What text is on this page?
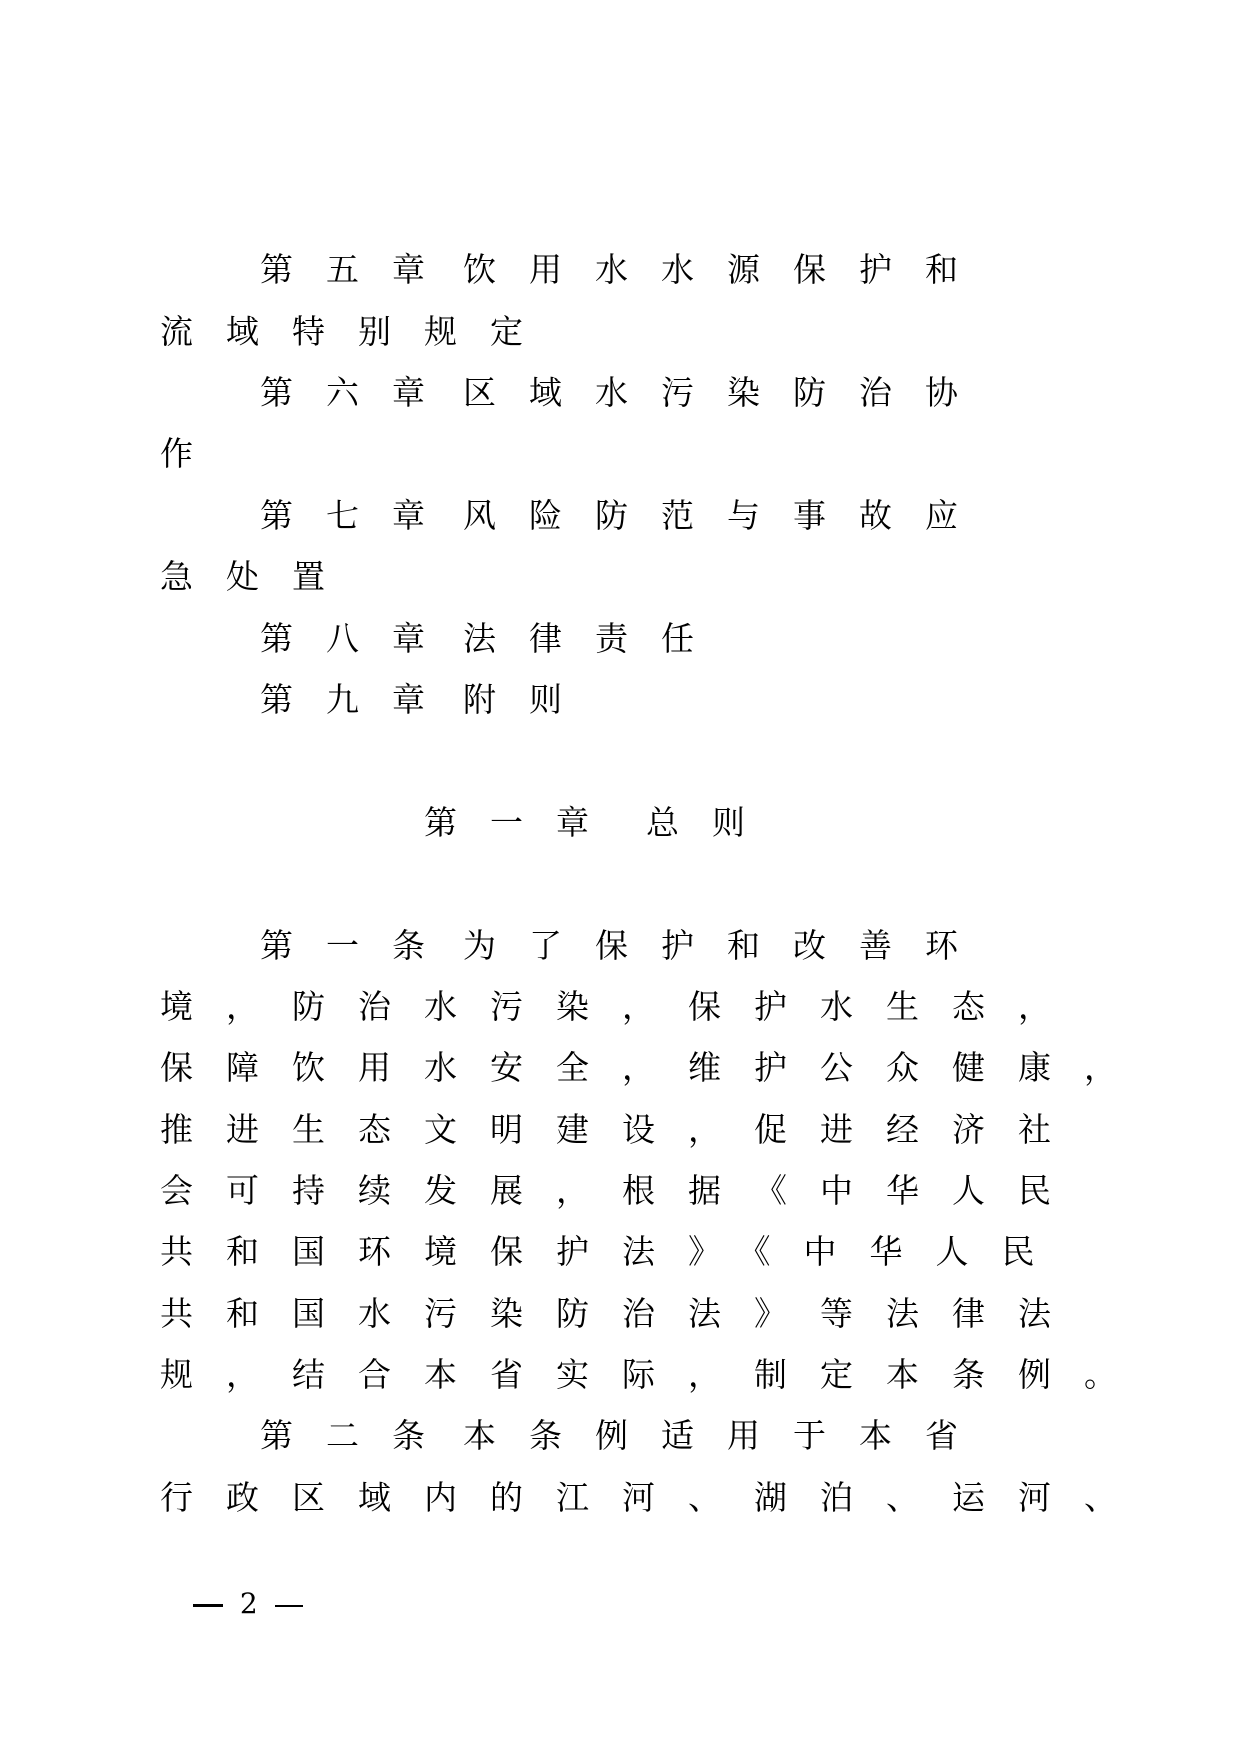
第五章 饮用水水源保护和
流域特别规定
第六章 区域水污染防治协
作
第七章 风险防范与事故应
急处置
第八章 法律责任
第九章 附则
第一章 总则
第一条 为了保护和改善环
境，防治水污染，保护水生态，
保障饮用水安全，维护公众健康，
推进生态文明建设，促进经济社
会可持续发展，根据《中华人民
共和国环境保护法》《中华人民
共和国水污染防治法》等法律法
规，结合本省实际，制定本条例。
第二条 本条例适用于本省
行政区域内的江河、湖泊、运河、
2
